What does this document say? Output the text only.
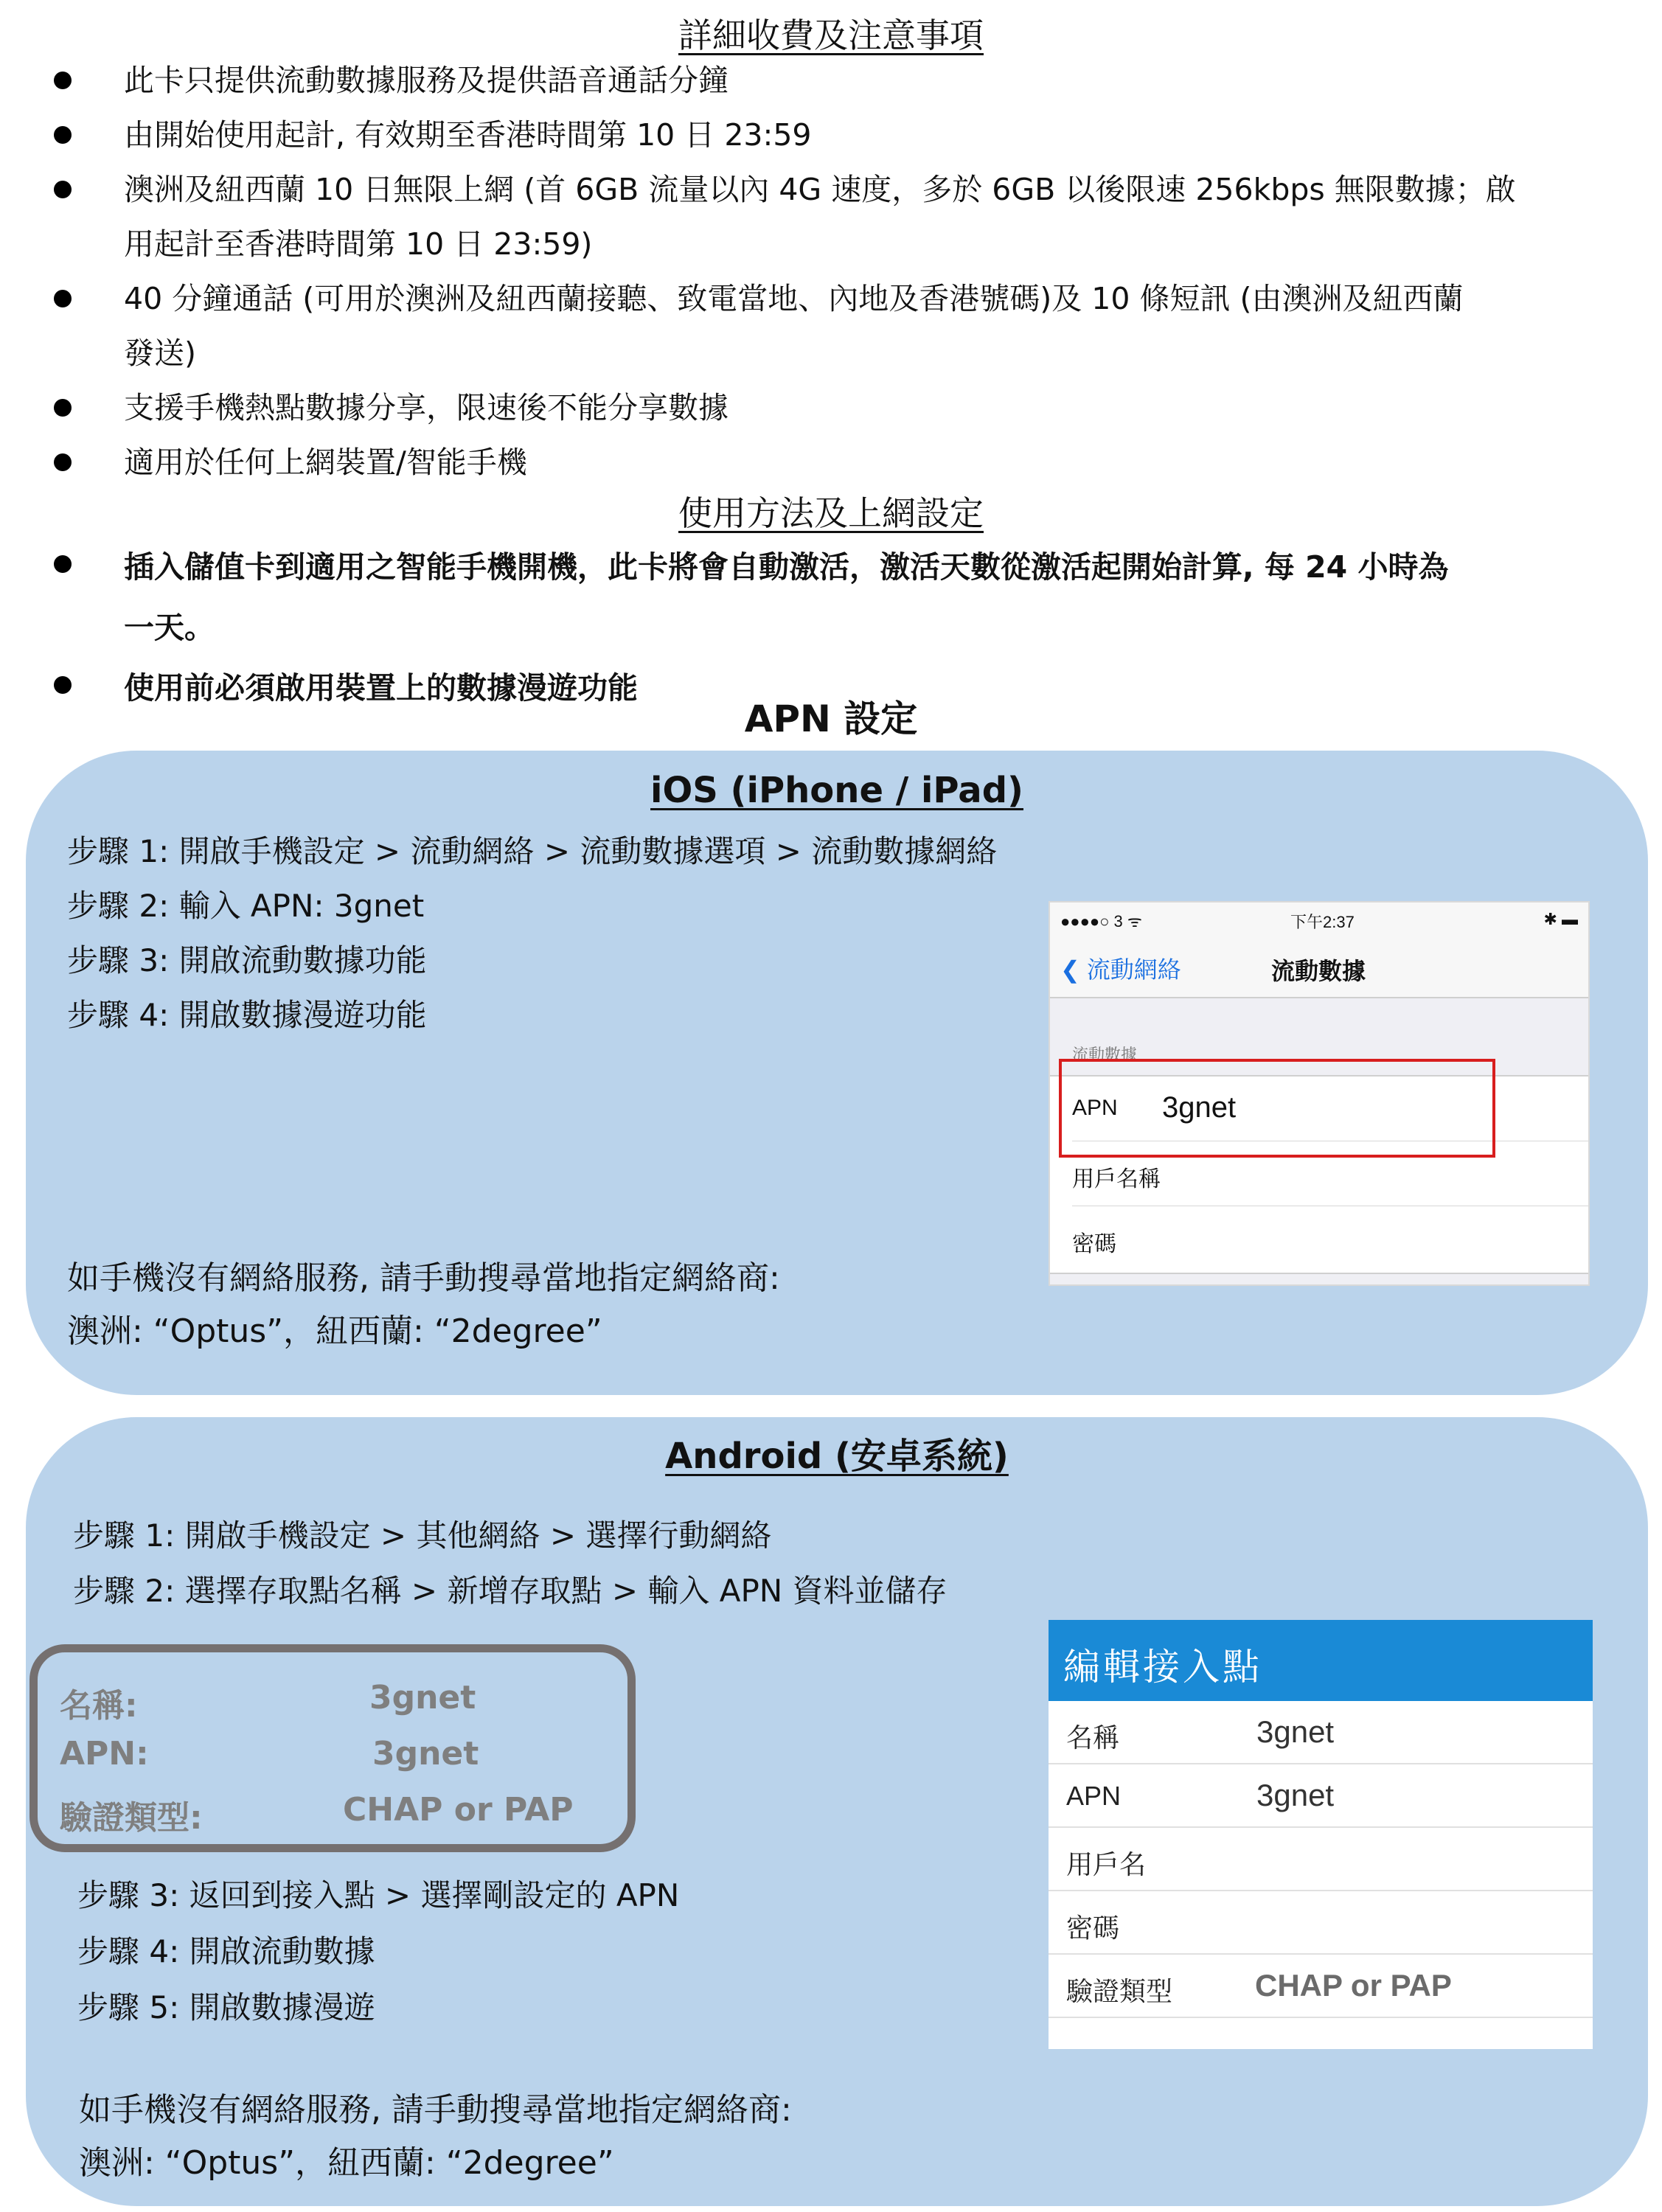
詳細收費及注意事項
此卡只提供流動數據服務及提供語音通話分鐘
由開始使用起計, 有效期至香港時間第 10 日 23:59
澳洲及紐西蘭 10 日無限上網 (首 6GB 流量以內 4G 速度，多於 6GB 以後限速 256kbps 無限數據；啟
用起計至香港時間第 10 日 23:59)
40 分鐘通話 (可用於澳洲及紐西蘭接聽、致電當地、內地及香港號碼)及 10 條短訊 (由澳洲及紐西蘭
發送)
支援手機熱點數據分享，限速後不能分享數據
適用於任何上網裝置/智能手機
使用方法及上網設定
插入儲值卡到適用之智能手機開機，此卡將會自動激活，激活天數從激活起開始計算, 每 24 小時為
一天。
使用前必須啟用裝置上的數據漫遊功能
APN 設定
iOS (iPhone / iPad)
步驟 1: 開啟手機設定 > 流動網絡 > 流動數據選項 > 流動數據網絡
步驟 2: 輸入 APN: 3gnet
步驟 3: 開啟流動數據功能
步驟 4: 開啟數據漫遊功能
如手機沒有網絡服務, 請手動搜尋當地指定網絡商:
澳洲: “Optus”，紐西蘭: “2degree”
●●●●○ 3 ᯤ	下午2:37	✱ ▬
❮ 流動網絡	流動數據
流動數據
APN 3gnet
用戶名稱
密碼
Android (安卓系統)
步驟 1: 開啟手機設定 > 其他網絡 > 選擇行動網絡
步驟 2: 選擇存取點名稱 > 新增存取點 > 輸入 APN 資料並儲存
步驟 3: 返回到接入點 > 選擇剛設定的 APN
步驟 4: 開啟流動數據
步驟 5: 開啟數據漫遊
如手機沒有網絡服務, 請手動搜尋當地指定網絡商:
澳洲: “Optus”，紐西蘭: “2degree”
名稱:	3gnet
APN:	3gnet
驗證類型:	CHAP or PAP
編輯接入點
名稱	3gnet
APN	3gnet
用戶名
密碼
驗證類型	CHAP or PAP
